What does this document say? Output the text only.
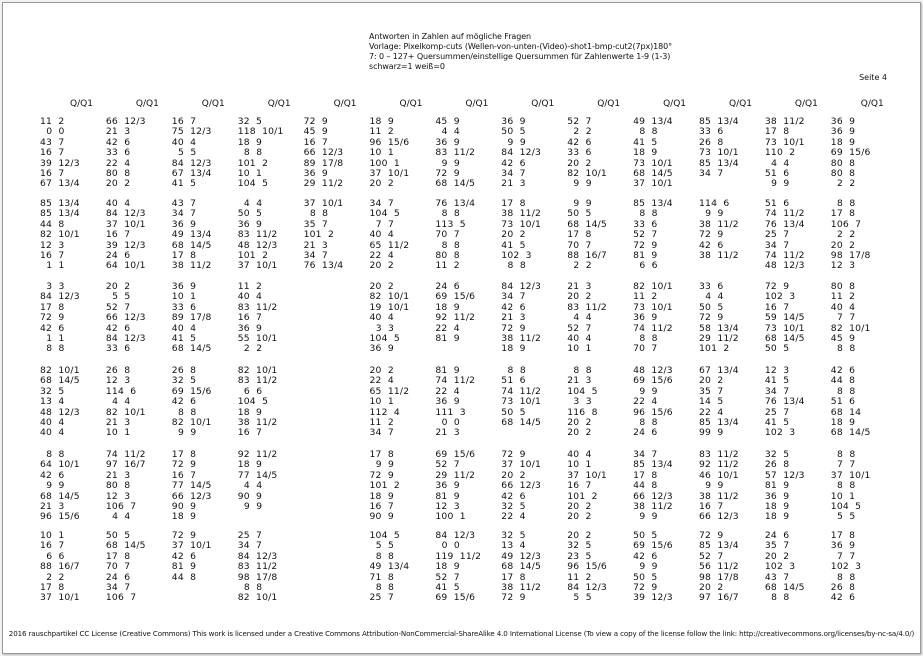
Antworten in Zahlen auf mögliche Fragen
Vorlage: Pixelkomp-cuts (Wellen-von-unten-(Video)-shot1-bmp-cut2(7px)180°
7: 0 – 127+ Quersummen/einstellige Quersummen für Zahlenwerte 1-9 (1-3)
schwarz=1 weiß=0
Seite 4
Q/Q1
11  2
0  0
43  7
16  7
39  12/3
16  7
67  13/4
85  13/4
85  13/4
44  8
82  10/1
12  3
16  7
1  1
3  3
84  12/3
17  8
72  9
42  6
1  1
8  8
82  10/1
68  14/5
32  5
13  4
48  12/3
40  4
40  4
8  8
64  10/1
42  6
9  9
68  14/5
21  3
96  15/6
10  1
16  7
6  6
88  16/7
2  2
17  8
37  10/1
Q/Q1
66  12/3
21  3
42  6
33  6
22  4
80  8
20  2
40  4
84  12/3
37  10/1
16  7
39  12/3
24  6
64  10/1
20  2
5  5
52  7
66  12/3
42  6
84  12/3
33  6
26  8
12  3
114  6
4  4
82  10/1
21  3
10  1
74  11/2
97  16/7
21  3
80  8
12  3
106  7
4  4
50  5
68  14/5
17  8
70  7
24  6
34  7
106  7
Q/Q1
16  7
75  12/3
40  4
5  5
84  12/3
67  13/4
41  5
43  7
34  7
36  9
49  13/4
68  14/5
17  8
38  11/2
36  9
10  1
33  6
89  17/8
40  4
41  5
68  14/5
26  8
32  5
69  15/6
42  6
8  8
82  10/1
9  9
17  8
72  9
16  7
77  14/5
66  12/3
90  9
18  9
72  9
37  10/1
42  6
81  9
44  8
Q/Q1
32  5
118  10/1
18  9
8  8
101  2
10  1
104  5
4  4
50  5
36  9
83  11/2
48  12/3
101  2
37  10/1
11  2
40  4
83  11/2
16  7
36  9
55  10/1
2  2
82  10/1
83  11/2
6  6
104  5
18  9
38  11/2
16  7
92  11/2
18  9
77  14/5
4  4
90  9
9  9
25  7
34  7
84  12/3
83  11/2
98  17/8
8  8
82  10/1
Q/Q1
72  9
45  9
16  7
66  12/3
89  17/8
36  9
29  11/2
37  10/1
8  8
35  7
101  2
21  3
34  7
76  13/4
Q/Q1
18  9
11  2
96  15/6
10  1
100  1
37  10/1
20  2
34  7
104  5
7  7
40  4
65  11/2
22  4
20  2
20  2
82  10/1
19  10/1
40  4
3  3
104  5
36  9
20  2
22  4
65  11/2
10  1
112  4
11  2
34  7
17  8
9  9
72  9
101  2
18  9
16  7
90  9
104  5
5  5
8  8
49  13/4
71  8
8  8
25  7
Q/Q1
45  9
4  4
36  9
83  11/2
9  9
72  9
68  14/5
76  13/4
8  8
113  5
70  7
8  8
80  8
11  2
24  6
69  15/6
18  9
92  11/2
22  4
81  9
81  9
74  11/2
22  4
36  9
111  3
0  0
21  3
69  15/6
52  7
29  11/2
36  9
81  9
12  3
100  1
84  12/3
0  0
119  11/2
18  9
52  7
41  5
69  15/6
Q/Q1
36  9
50  5
9  9
84  12/3
42  6
34  7
21  3
17  8
38  11/2
73  10/1
20  2
41  5
102  3
8  8
84  12/3
34  7
42  6
21  3
72  9
38  11/2
18  9
8  8
51  6
74  11/2
73  10/1
50  5
68  14/5
72  9
37  10/1
20  2
66  12/3
42  6
32  5
22  4
32  5
13  4
49  12/3
68  14/5
17  8
38  11/2
72  9
Q/Q1
52  7
2  2
42  6
33  6
20  2
82  10/1
9  9
9  9
50  5
68  14/5
17  8
70  7
88  16/7
2  2
21  3
20  2
83  11/2
4  4
52  7
40  4
10  1
8  8
21  3
104  5
3  3
116  8
20  2
20  2
40  4
10  1
37  10/1
16  7
101  2
20  2
20  2
20  2
32  5
23  5
96  15/6
11  2
84  12/3
5  5
Q/Q1
49  13/4
8  8
41  5
18  9
73  10/1
68  14/5
37  10/1
85  13/4
8  8
33  6
52  7
72  9
81  9
6  6
82  10/1
11  2
73  10/1
36  9
74  11/2
8  8
70  7
48  12/3
69  15/6
9  9
22  4
96  15/6
8  8
24  6
34  7
85  13/4
17  8
44  8
66  12/3
38  11/2
9  9
50  5
69  15/6
42  6
9  9
50  5
72  9
39  12/3
Q/Q1
85  13/4
33  6
26  8
73  10/1
85  13/4
34  7
114  6
9  9
38  11/2
72  9
42  6
38  11/2
33  6
4  4
50  5
72  9
58  13/4
29  11/2
101  2
67  13/4
20  2
35  7
14  5
22  4
85  13/4
99  9
83  11/2
92  11/2
46  10/1
9  9
38  11/2
16  7
66  12/3
72  9
85  13/4
52  7
56  11/2
98  17/8
20  2
97  16/7
Q/Q1
38  11/2
17  8
73  10/1
110  2
4  4
51  6
9  9
51  6
74  11/2
76  13/4
25  7
34  7
74  11/2
48  12/3
72  9
102  3
16  7
59  14/5
73  10/1
68  14/5
50  5
12  3
41  5
34  7
76  13/4
25  7
41  5
102  3
32  5
26  8
57  12/3
81  9
36  9
18  9
18  9
24  6
35  7
20  2
102  3
43  7
68  14/5
8  8
Q/Q1
36  9
36  9
18  9
69  15/6
80  8
80  8
2  2
8  8
17  8
106  7
2  2
20  2
98  17/8
12  3
80  8
11  2
40  4
7  7
82  10/1
45  9
8  8
42  6
44  8
8  8
51  6
68  14
18  9
68  14/5
8  8
7  7
37  10/1
8  8
10  1
104  5
5  5
17  8
36  9
7  7
102  3
8  8
26  8
42  6
2016 rauschpartikel CC License (Creative Commons) This work is licensed under a Creative Commons Attribution-NonCommercial-ShareAlike 4.0 International License (To view a copy of the license follow the link: http://creativecommons.org/licenses/by-nc-sa/4.0/)
